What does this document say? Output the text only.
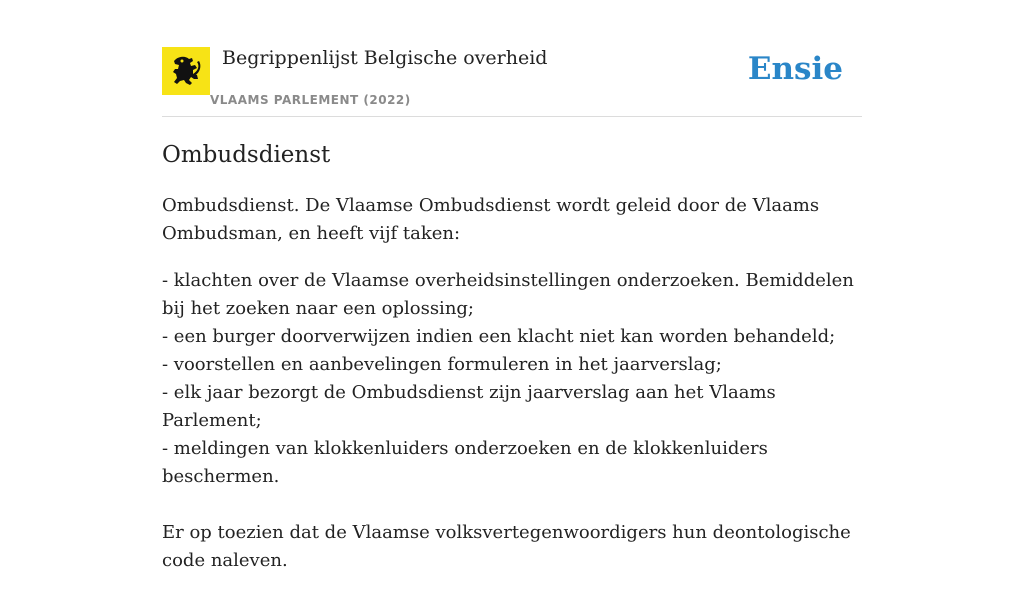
Begrippenlijst Belgische overheid
VLAAMS PARLEMENT (2022)
Ensie
Ombudsdienst

Ombudsdienst. De Vlaamse Ombudsdienst wordt geleid door de Vlaams Ombudsman, en heeft vijf taken:

- klachten over de Vlaamse overheidsinstellingen onderzoeken. Bemiddelen bij het zoeken naar een oplossing;

- een burger doorverwijzen indien een klacht niet kan worden behandeld;

- voorstellen en aanbevelingen formuleren in het jaarverslag;

- elk jaar bezorgt de Ombudsdienst zijn jaarverslag aan het Vlaams Parlement;

- meldingen van klokkenluiders onderzoeken en de klokkenluiders beschermen.

Er op toezien dat de Vlaamse volksvertegenwoordigers hun deontologische code naleven.
